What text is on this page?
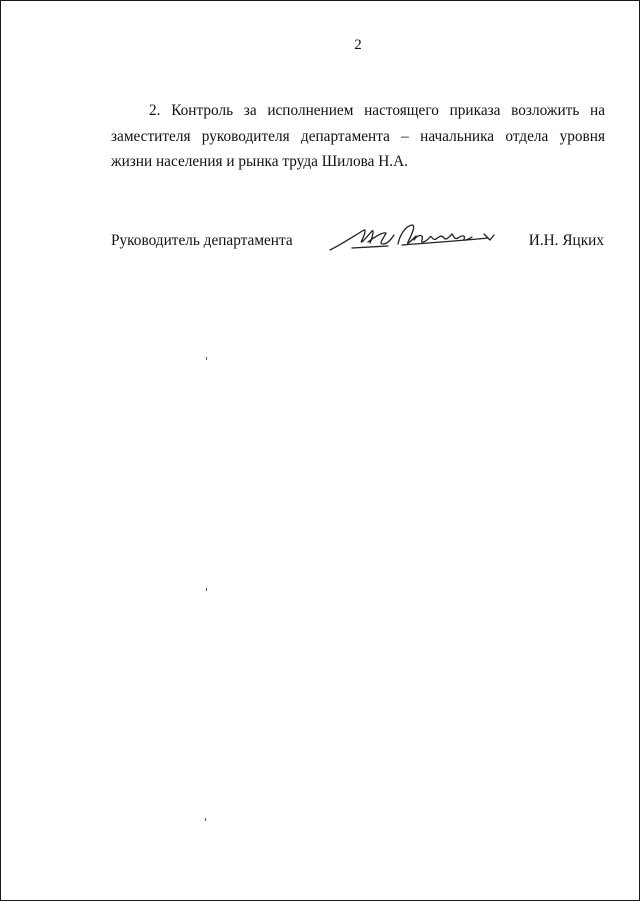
2

2. Контроль за исполнением настоящего приказа возложить на заместителя руководителя департамента – начальника отдела уровня жизни населения и рынка труда Шилова Н.А.

Руководитель департамента	И.Н. Яцких
